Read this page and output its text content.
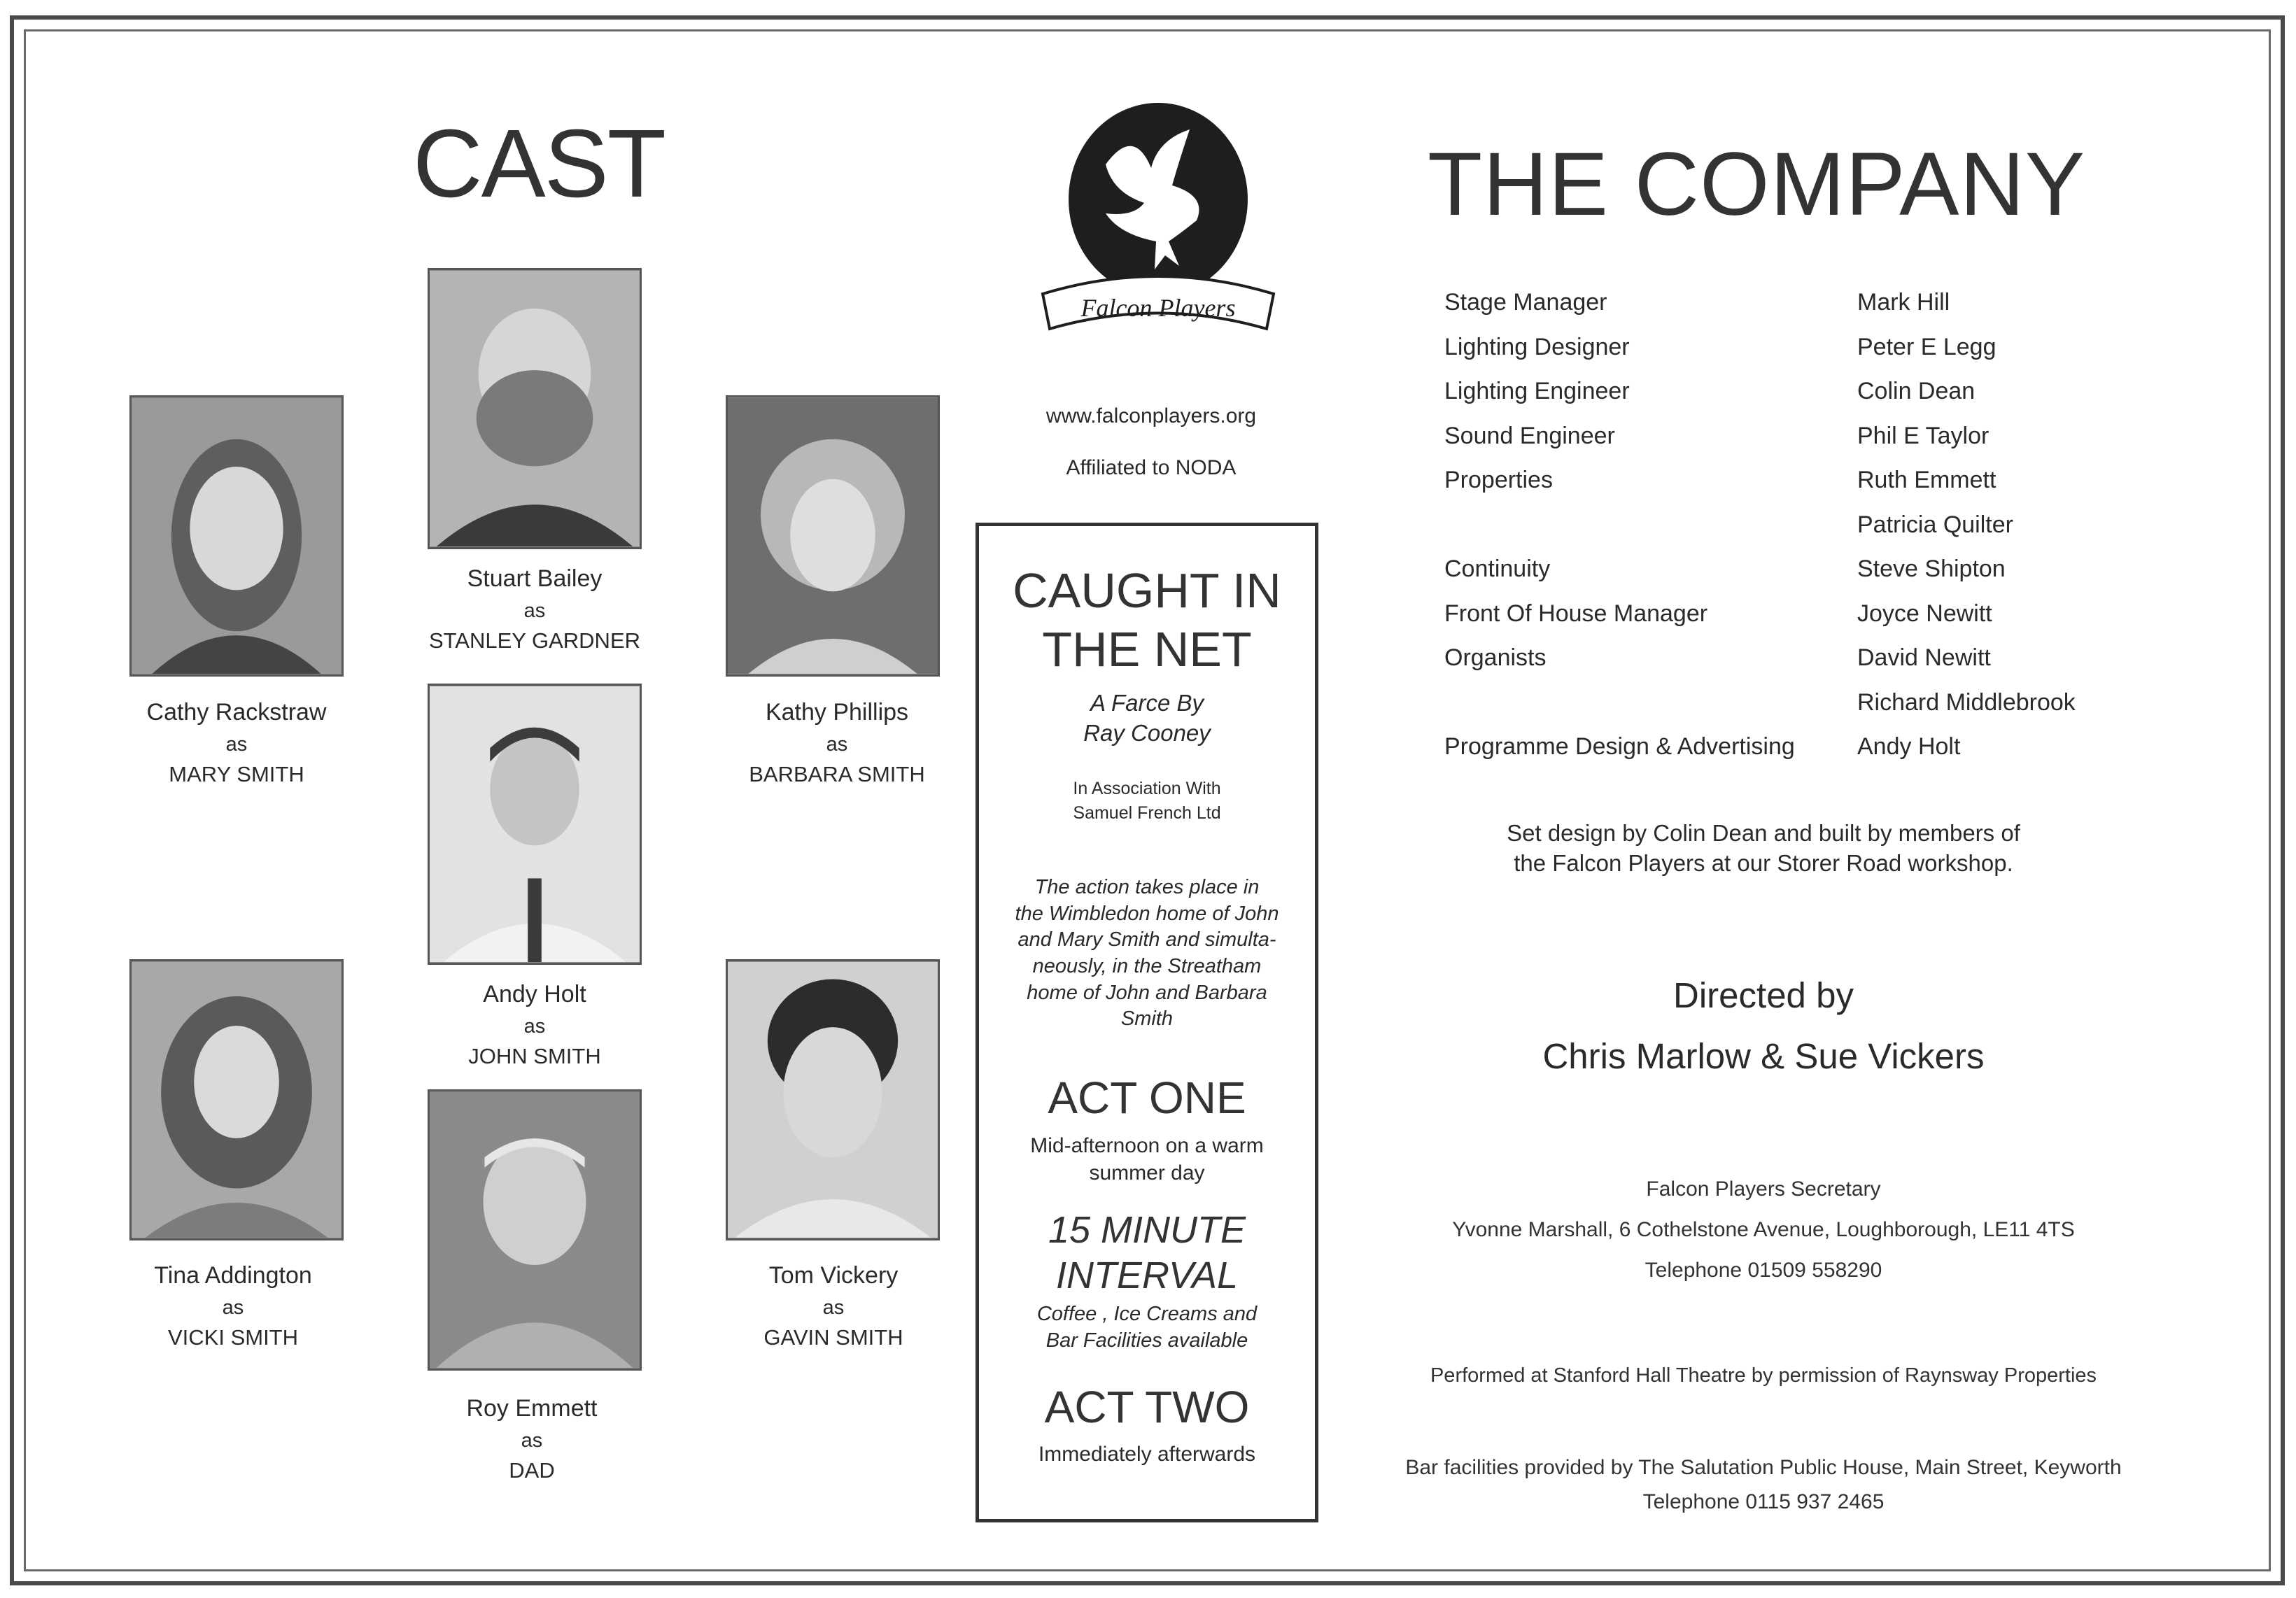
CAST
Cathy Rackstraw
as
MARY SMITH
Stuart Bailey
as
STANLEY GARDNER
Kathy Phillips
as
BARBARA SMITH
Andy Holt
as
JOHN SMITH
Tina Addington
as
VICKI SMITH
Roy Emmett
as
DAD
Tom Vickery
as
GAVIN SMITH
Falcon Players
www.falconplayers.org
Affiliated to NODA
CAUGHT IN
THE NET
A Farce By
Ray Cooney
In Association With
Samuel French Ltd
The action takes place in
the Wimbledon home of John
and Mary Smith and simulta-
neously, in the Streatham
home of John and Barbara
Smith
ACT ONE
Mid-afternoon on a warm
summer day
15 MINUTE
INTERVAL
Coffee , Ice Creams and
Bar Facilities available
ACT TWO
Immediately afterwards
THE COMPANY
Stage Manager	Mark Hill
Lighting Designer	Peter E Legg
Lighting Engineer	Colin Dean
Sound Engineer	Phil E Taylor
Properties	Ruth Emmett
Patricia Quilter
Continuity	Steve Shipton
Front Of House Manager	Joyce Newitt
Organists	David Newitt
Richard Middlebrook
Programme Design & Advertising	Andy Holt
Set design by Colin Dean and built by members of
the Falcon Players at our Storer Road workshop.
Directed by
Chris Marlow & Sue Vickers
Falcon Players Secretary
Yvonne Marshall, 6 Cothelstone Avenue, Loughborough, LE11 4TS
Telephone 01509 558290
Performed at Stanford Hall Theatre by permission of Raynsway Properties
Bar facilities provided by The Salutation Public House, Main Street, Keyworth
Telephone 0115 937 2465
